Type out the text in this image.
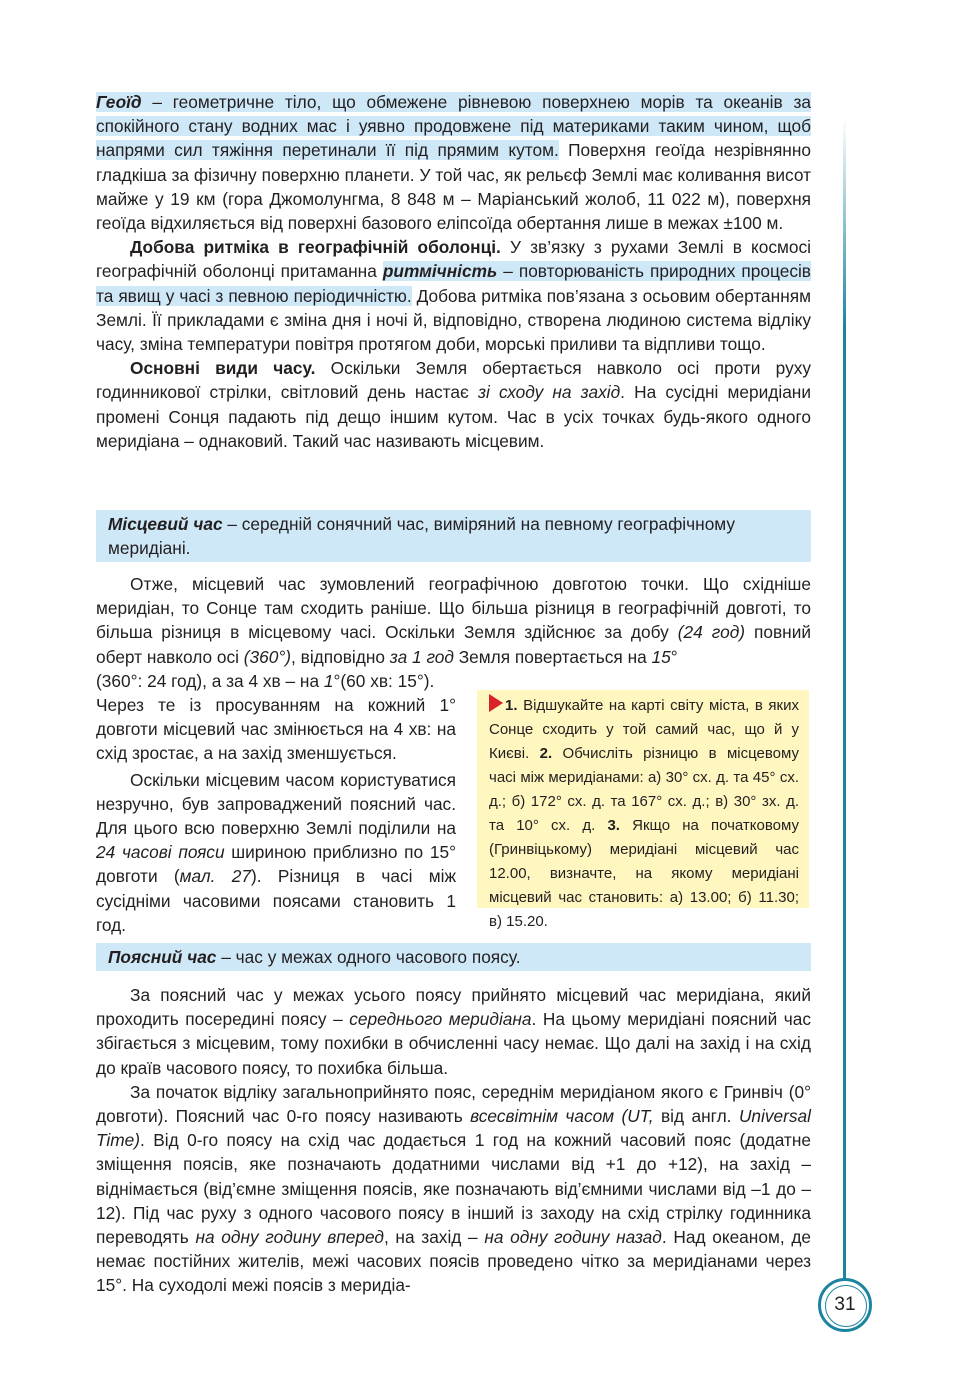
Геоїд – геометричне тіло, що обмежене рівневою поверхнею морів та океанів за спокійного стану водних мас і уявно продовжене під материками таким чином, щоб напрями сил тяжіння перетинали її під прямим кутом. Поверхня геоїда незрівнянно гладкіша за фізичну поверхню планети. У той час, як рельєф Землі має коливання висот майже у 19 км (гора Джомолунгма, 8 848 м – Маріанський жолоб, 11 022 м), поверхня геоїда відхиляється від поверхні базового еліпсоїда обертання лише в межах ±100 м.

Добова ритміка в географічній оболонці. У зв’язку з рухами Землі в космосі географічній оболонці притаманна ритмічність – повторюваність природних процесів та явищ у часі з певною періодичністю. Добова ритміка пов’язана з осьовим обертанням Землі. Її прикладами є зміна дня і ночі й, відповідно, створена людиною система відліку часу, зміна температури повітря протягом доби, морські приливи та відпливи тощо.

Основні види часу. Оскільки Земля обертається навколо осі проти руху годинникової стрілки, світловий день настає зі сходу на захід. На сусідні меридіани промені Сонця падають під дещо іншим кутом. Час в усіх точках будь-якого одного меридіана – однаковий. Такий час називають місцевим.

Місцевий час – середній сонячний час, виміряний на певному географічному меридіані.

Отже, місцевий час зумовлений географічною довготою точки. Що східніше меридіан, то Сонце там сходить раніше. Що більша різниця в географічній довготі, то більша різниця в місцевому часі. Оскільки Земля здійснює за добу (24 год) повний оберт навколо осі (360°), відповідно за 1 год Земля повертається на 15°

(360°: 24 год), а за 4 хв – на 1°(60 хв: 15°).

Через те із просуванням на кожний 1° довготи місцевий час змінюється на 4 хв: на схід зростає, а на захід зменшується.

Оскільки місцевим часом користуватися незручно, був запроваджений поясний час. Для цього всю поверхню Землі поділили на 24 часові пояси шириною приблизно по 15° довготи (мал. 27). Різниця в часі між сусідніми часовими поясами становить 1 год.

1. Відшукайте на карті світу міста, в яких Сонце сходить у той самий час, що й у Києві. 2. Обчисліть різницю в місцевому часі між меридіанами: а) 30° сх. д. та 45° сх. д.; б) 172° сх. д. та 167° сх. д.; в) 30° зх. д. та 10° сх. д. 3. Якщо на початковому (Гринвіцькому) меридіані місцевий час 12.00, визначте, на якому меридіані місцевий час становить: а) 13.00; б) 11.30; в) 15.20.
Поясний час – час у межах одного часового поясу.

За поясний час у межах усього поясу прийнято місцевий час меридіана, який проходить посередині поясу – середнього меридіана. На цьому меридіані поясний час збігається з місцевим, тому похибки в обчисленні часу немає. Що далі на захід і на схід до країв часового поясу, то похибка більша.

За початок відліку загальноприйнято пояс, середнім меридіаном якого є Гринвіч (0° довготи). Поясний час 0-го поясу називають всесвітнім часом (UT, від англ. Universal Time). Від 0-го поясу на схід час додається 1 год на кожний часовий пояс (додатне зміщення поясів, яке позначають додатними числами від +1 до +12), на захід – віднімається (від’ємне зміщення поясів, яке позначають від’ємними числами від –1 до –12). Під час руху з одного часового поясу в інший із заходу на схід стрілку годинника переводять на одну годину вперед, на захід – на одну годину назад. Над океаном, де немає постійних жителів, межі часових поясів проведено чітко за меридіанами через 15°. На суходолі межі поясів з меридіа-

31
